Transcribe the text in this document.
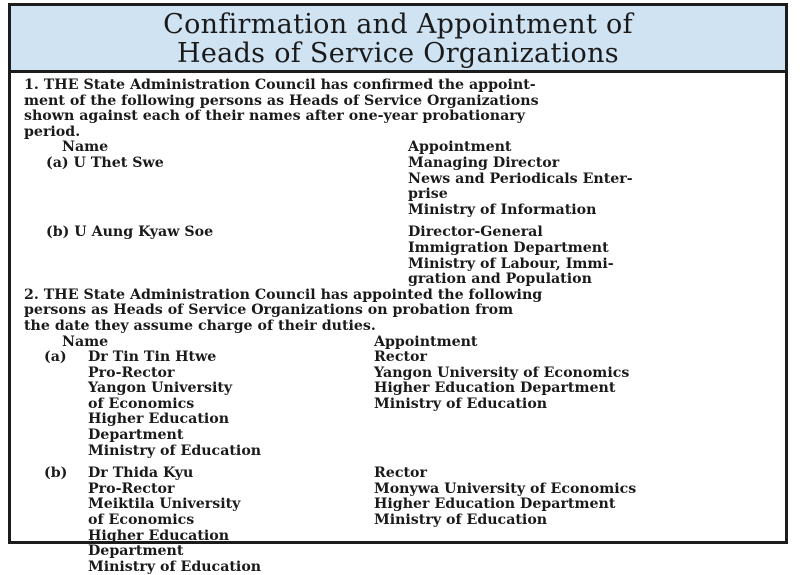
Confirmation and Appointment of
Heads of Service Organizations
1. THE State Administration Council has confirmed the appoint-
ment of the following persons as Heads of Service Organizations
shown against each of their names after one-year probationary
period.
Name	Appointment
(a) U Thet Swe	Managing Director
News and Periodicals Enter-
prise
Ministry of Information
(b) U Aung Kyaw Soe	Director-General
Immigration Department
Ministry of Labour, Immi-
gration and Population
2. THE State Administration Council has appointed the following
persons as Heads of Service Organizations on probation from
the date they assume charge of their duties.
Name	Appointment
(a) Dr Tin Tin Htwe	Rector
Pro-Rector	Yangon University of Economics
Yangon University	Higher Education Department
of Economics	Ministry of Education
Higher Education
Department
Ministry of Education
(b) Dr Thida Kyu	Rector
Pro-Rector	Monywa University of Economics
Meiktila University	Higher Education Department
of Economics	Ministry of Education
Higher Education
Department
Ministry of Education
